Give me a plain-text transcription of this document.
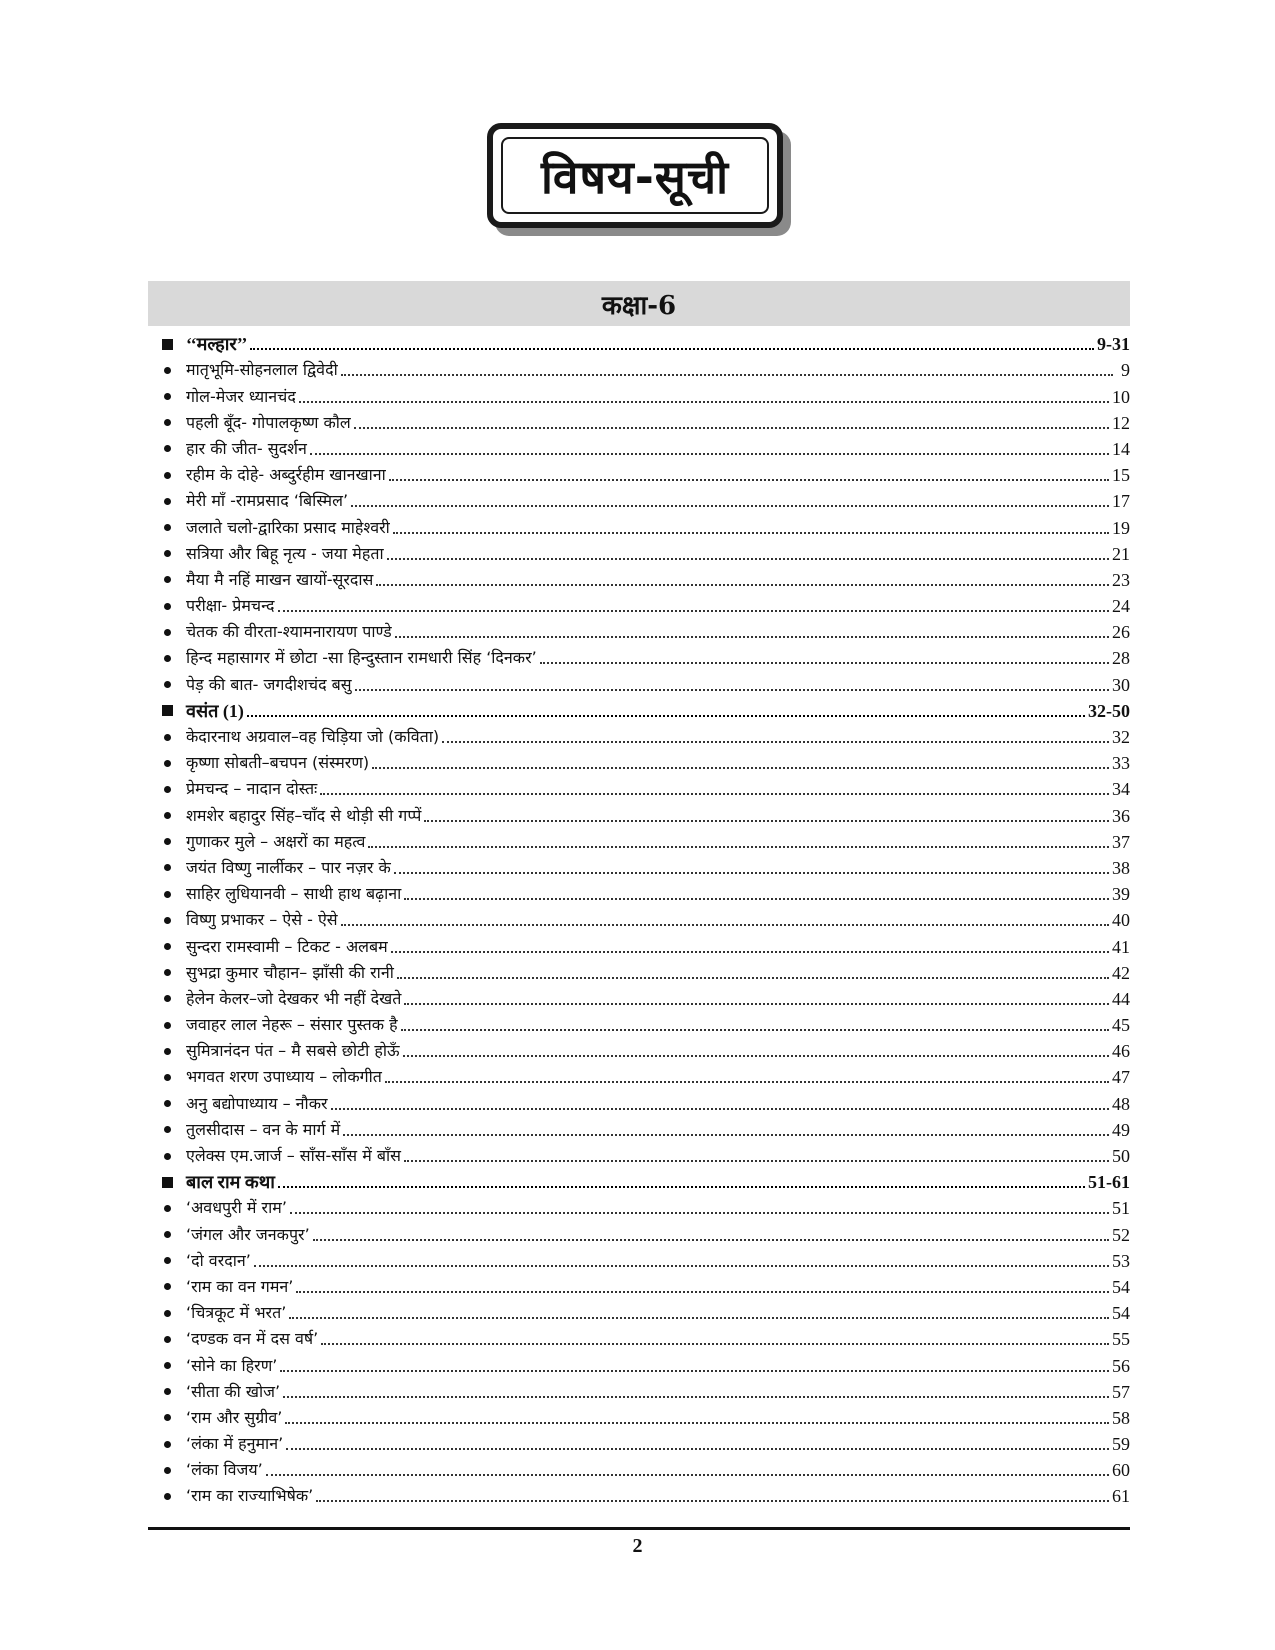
विषय-सूची
कक्षा-6
‘‘मल्हार’’	9-31
मातृभूमि-सोहनलाल द्विवेदी	9
गोल-मेजर ध्यानचंद	10
पहली बूँद- गोपालकृष्ण कौल	12
हार की जीत- सुदर्शन	14
रहीम के दोहे- अब्दुर्रहीम खानखाना	15
मेरी माँ -रामप्रसाद ‘बिस्मिल’	17
जलाते चलो-द्वारिका प्रसाद माहेश्वरी	19
सत्रिया और बिहू नृत्य - जया मेहता	21
मैया मै नहिं माखन खायों-सूरदास	23
परीक्षा- प्रेमचन्द	24
चेतक की वीरता-श्यामनारायण पाण्डे	26
हिन्द महासागर में छोटा -सा हिन्दुस्तान रामधारी सिंह ‘दिनकर’	28
पेड़ की बात- जगदीशचंद बसु	30
वसंत (1)	32-50
केदारनाथ अग्रवाल–वह चिड़िया जो (कविता)	32
कृष्णा सोबती–बचपन (संस्मरण)	33
प्रेमचन्द – नादान दोस्तः	34
शमशेर बहादुर सिंह–चाँद से थोड़ी सी गप्पें	36
गुणाकर मुले – अक्षरों का महत्व	37
जयंत विष्णु नार्लीकर – पार नज़र के	38
साहिर लुधियानवी – साथी हाथ बढ़ाना	39
विष्णु प्रभाकर – ऐसे - ऐसे	40
सुन्दरा रामस्वामी – टिकट - अलबम	41
सुभद्रा कुमार चौहान– झाँसी की रानी	42
हेलेन केलर–जो देखकर भी नहीं देखते	44
जवाहर लाल नेहरू – संसार पुस्तक है	45
सुमित्रानंदन पंत – मै सबसे छोटी होऊँ	46
भगवत शरण उपाध्याय – लोकगीत	47
अनु बद्योपाध्याय – नौकर	48
तुलसीदास – वन के मार्ग में	49
एलेक्स एम.जार्ज – साँस-साँस में बाँस	50
बाल राम कथा	51-61
‘अवधपुरी में राम’	51
‘जंगल और जनकपुर’	52
‘दो वरदान’	53
‘राम का वन गमन’	54
‘चित्रकूट में भरत’	54
‘दण्डक वन में दस वर्ष’	55
‘सोने का हिरण’	56
‘सीता की खोज’	57
‘राम और सुग्रीव’	58
‘लंका में हनुमान’	59
‘लंका विजय’	60
‘राम का राज्याभिषेक’	61
2
